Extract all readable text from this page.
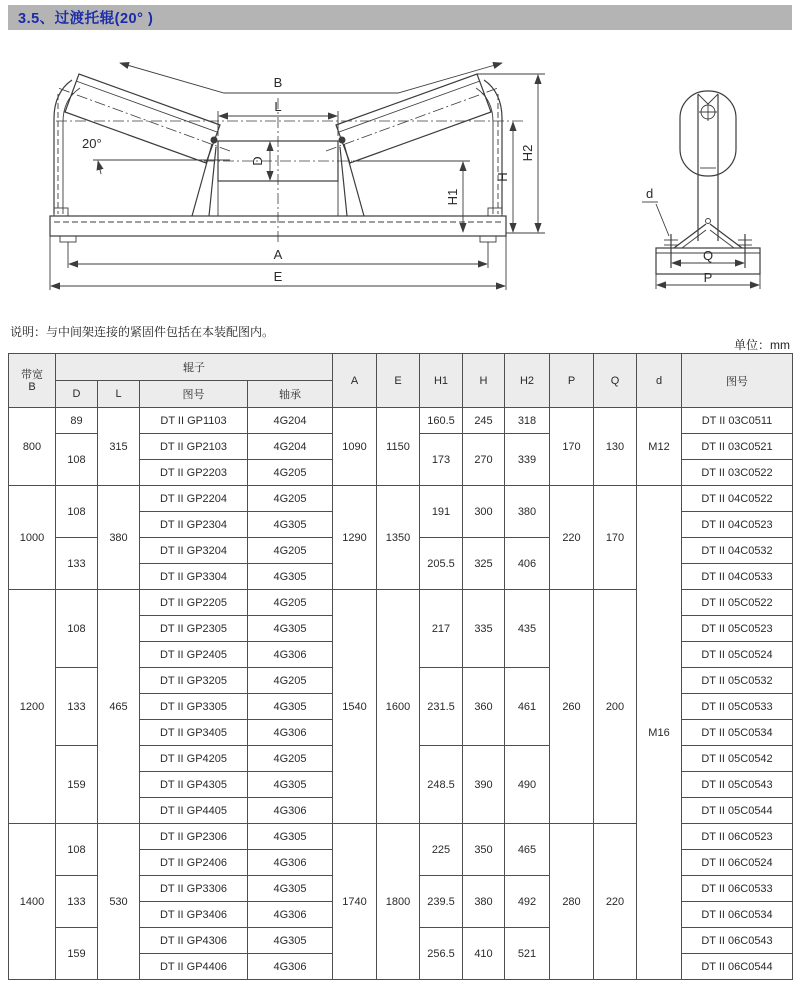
3.5、过渡托辊(20° )
D
B
L
20°
H1
H
H2
A
E
d
Q
P
说明：与中间架连接的紧固件包括在本装配图内。
单位：mm
带宽
B	辊子				A	E	H1	H	H2	P	Q	d	图号
	D	L	图号	轴承									
800	89	315	DT II GP1103	4G204	1090	1150	160.5	245	318	170	130	M12	DT II 03C0511
	108		DT II GP2103	4G204			173	270	339				DT II 03C0521
			DT II GP2203	4G205									DT II 03C0522
1000	108	380	DT II GP2204	4G205	1290	1350	191	300	380	220	170	M16	DT II 04C0522
			DT II GP2304	4G305									DT II 04C0523
	133		DT II GP3204	4G205			205.5	325	406				DT II 04C0532
			DT II GP3304	4G305									DT II 04C0533
1200	108	465	DT II GP2205	4G205	1540	1600	217	335	435	260	200		DT II 05C0522
			DT II GP2305	4G305									DT II 05C0523
			DT II GP2405	4G306									DT II 05C0524
	133		DT II GP3205	4G205			231.5	360	461				DT II 05C0532
			DT II GP3305	4G305									DT II 05C0533
			DT II GP3405	4G306									DT II 05C0534
	159		DT II GP4205	4G205			248.5	390	490				DT II 05C0542
			DT II GP4305	4G305									DT II 05C0543
			DT II GP4405	4G306									DT II 05C0544
1400	108	530	DT II GP2306	4G305	1740	1800	225	350	465	280	220		DT II 06C0523
			DT II GP2406	4G306									DT II 06C0524
	133		DT II GP3306	4G305			239.5	380	492				DT II 06C0533
			DT II GP3406	4G306									DT II 06C0534
	159		DT II GP4306	4G305			256.5	410	521				DT II 06C0543
			DT II GP4406	4G306									DT II 06C0544
